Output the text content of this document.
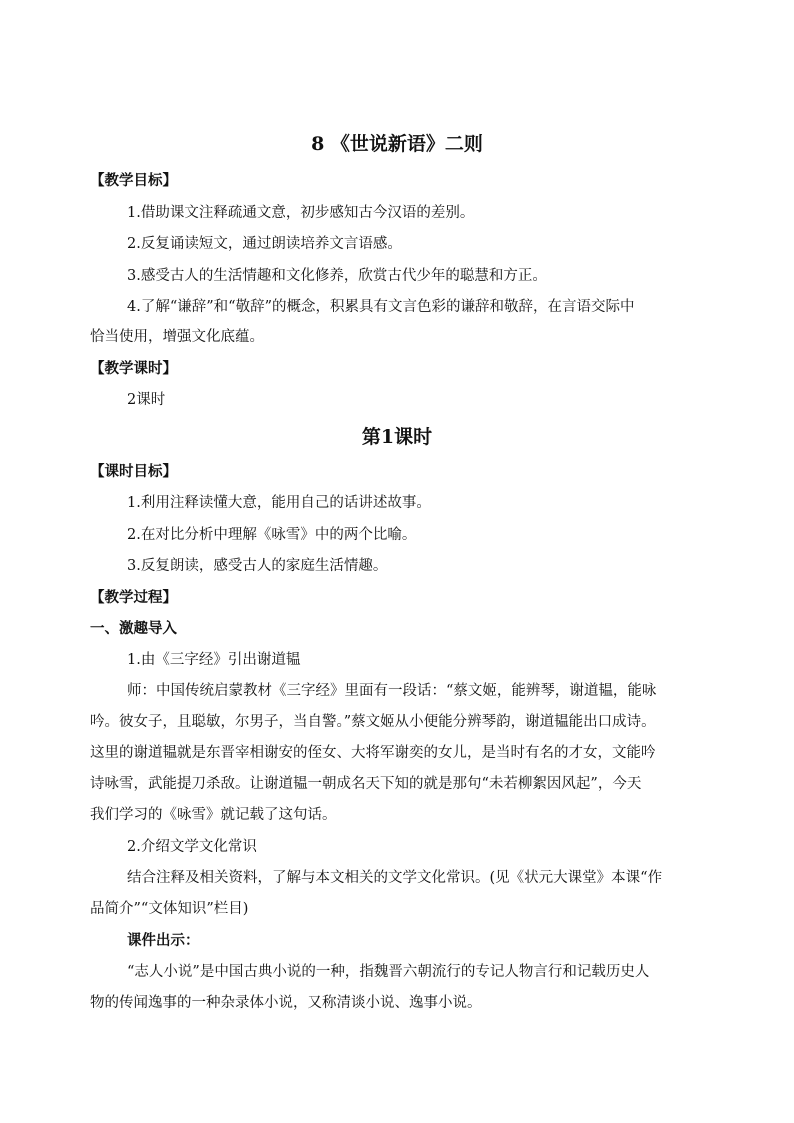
8 《世说新语》二则

【教学目标】

1.借助课文注释疏通文意，初步感知古今汉语的差别。

2.反复诵读短文，通过朗读培养文言语感。

3.感受古人的生活情趣和文化修养，欣赏古代少年的聪慧和方正。

4.了解“谦辞”和“敬辞”的概念，积累具有文言色彩的谦辞和敬辞，在言语交际中

恰当使用，增强文化底蕴。

【教学课时】

2课时

第1课时

【课时目标】

1.利用注释读懂大意，能用自己的话讲述故事。

2.在对比分析中理解《咏雪》中的两个比喻。

3.反复朗读，感受古人的家庭生活情趣。

【教学过程】

一、激趣导入

1.由《三字经》引出谢道韫

师：中国传统启蒙教材《三字经》里面有一段话：“蔡文姬，能辨琴，谢道韫，能咏

吟。彼女子，且聪敏，尔男子，当自警。”蔡文姬从小便能分辨琴韵，谢道韫能出口成诗。

这里的谢道韫就是东晋宰相谢安的侄女、大将军谢奕的女儿，是当时有名的才女，文能吟

诗咏雪，武能提刀杀敌。让谢道韫一朝成名天下知的就是那句“未若柳絮因风起”，今天

我们学习的《咏雪》就记载了这句话。

2.介绍文学文化常识

结合注释及相关资料，了解与本文相关的文学文化常识。(见《状元大课堂》本课“作

品简介”“文体知识”栏目)

课件出示：

“志人小说”是中国古典小说的一种，指魏晋六朝流行的专记人物言行和记载历史人

物的传闻逸事的一种杂录体小说，又称清谈小说、逸事小说。
